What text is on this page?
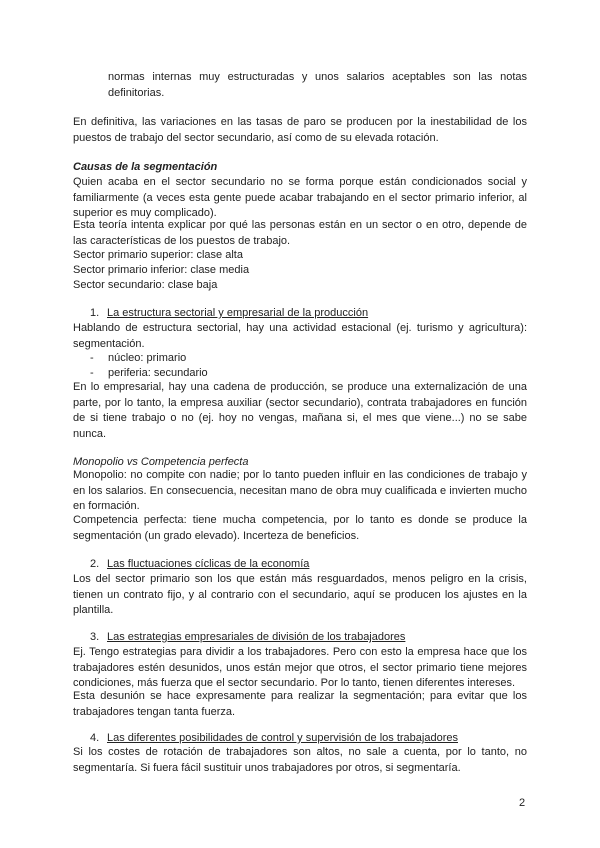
normas internas muy estructuradas y unos salarios aceptables son las notas definitorias.

En definitiva, las variaciones en las tasas de paro se producen por la inestabilidad de los puestos de trabajo del sector secundario, así como de su elevada rotación.

Causas de la segmentación

Quien acaba en el sector secundario no se forma porque están condicionados social y familiarmente (a veces esta gente puede acabar trabajando en el sector primario inferior, al superior es muy complicado).

Esta teoría intenta explicar por qué las personas están en un sector o en otro, depende de las características de los puestos de trabajo.

Sector primario superior: clase alta

Sector primario inferior: clase media

Sector secundario: clase baja

1. La estructura sectorial y empresarial de la producción

Hablando de estructura sectorial, hay una actividad estacional (ej. turismo y agricultura): segmentación.

- núcleo: primario
- periferia: secundario

En lo empresarial, hay una cadena de producción, se produce una externalización de una parte, por lo tanto, la empresa auxiliar (sector secundario), contrata trabajadores en función de si tiene trabajo o no (ej. hoy no vengas, mañana si, el mes que viene...) no se sabe nunca.

Monopolio vs Competencia perfecta

Monopolio: no compite con nadie; por lo tanto pueden influir en las condiciones de trabajo y en los salarios. En consecuencia, necesitan mano de obra muy cualificada e invierten mucho en formación.

Competencia perfecta: tiene mucha competencia, por lo tanto es donde se produce la segmentación (un grado elevado). Incerteza de beneficios.

2. Las fluctuaciones cíclicas de la economía

Los del sector primario son los que están más resguardados, menos peligro en la crisis, tienen un contrato fijo, y al contrario con el secundario, aquí se producen los ajustes en la plantilla.

3. Las estrategias empresariales de división de los trabajadores

Ej. Tengo estrategias para dividir a los trabajadores. Pero con esto la empresa hace que los trabajadores estén desunidos, unos están mejor que otros, el sector primario tiene mejores condiciones, más fuerza que el sector secundario. Por lo tanto, tienen diferentes intereses.

Esta desunión se hace expresamente para realizar la segmentación; para evitar que los trabajadores tengan tanta fuerza.

4. Las diferentes posibilidades de control y supervisión de los trabajadores

Si los costes de rotación de trabajadores son altos, no sale a cuenta, por lo tanto, no segmentaría. Si fuera fácil sustituir unos trabajadores por otros, si segmentaría.

2
